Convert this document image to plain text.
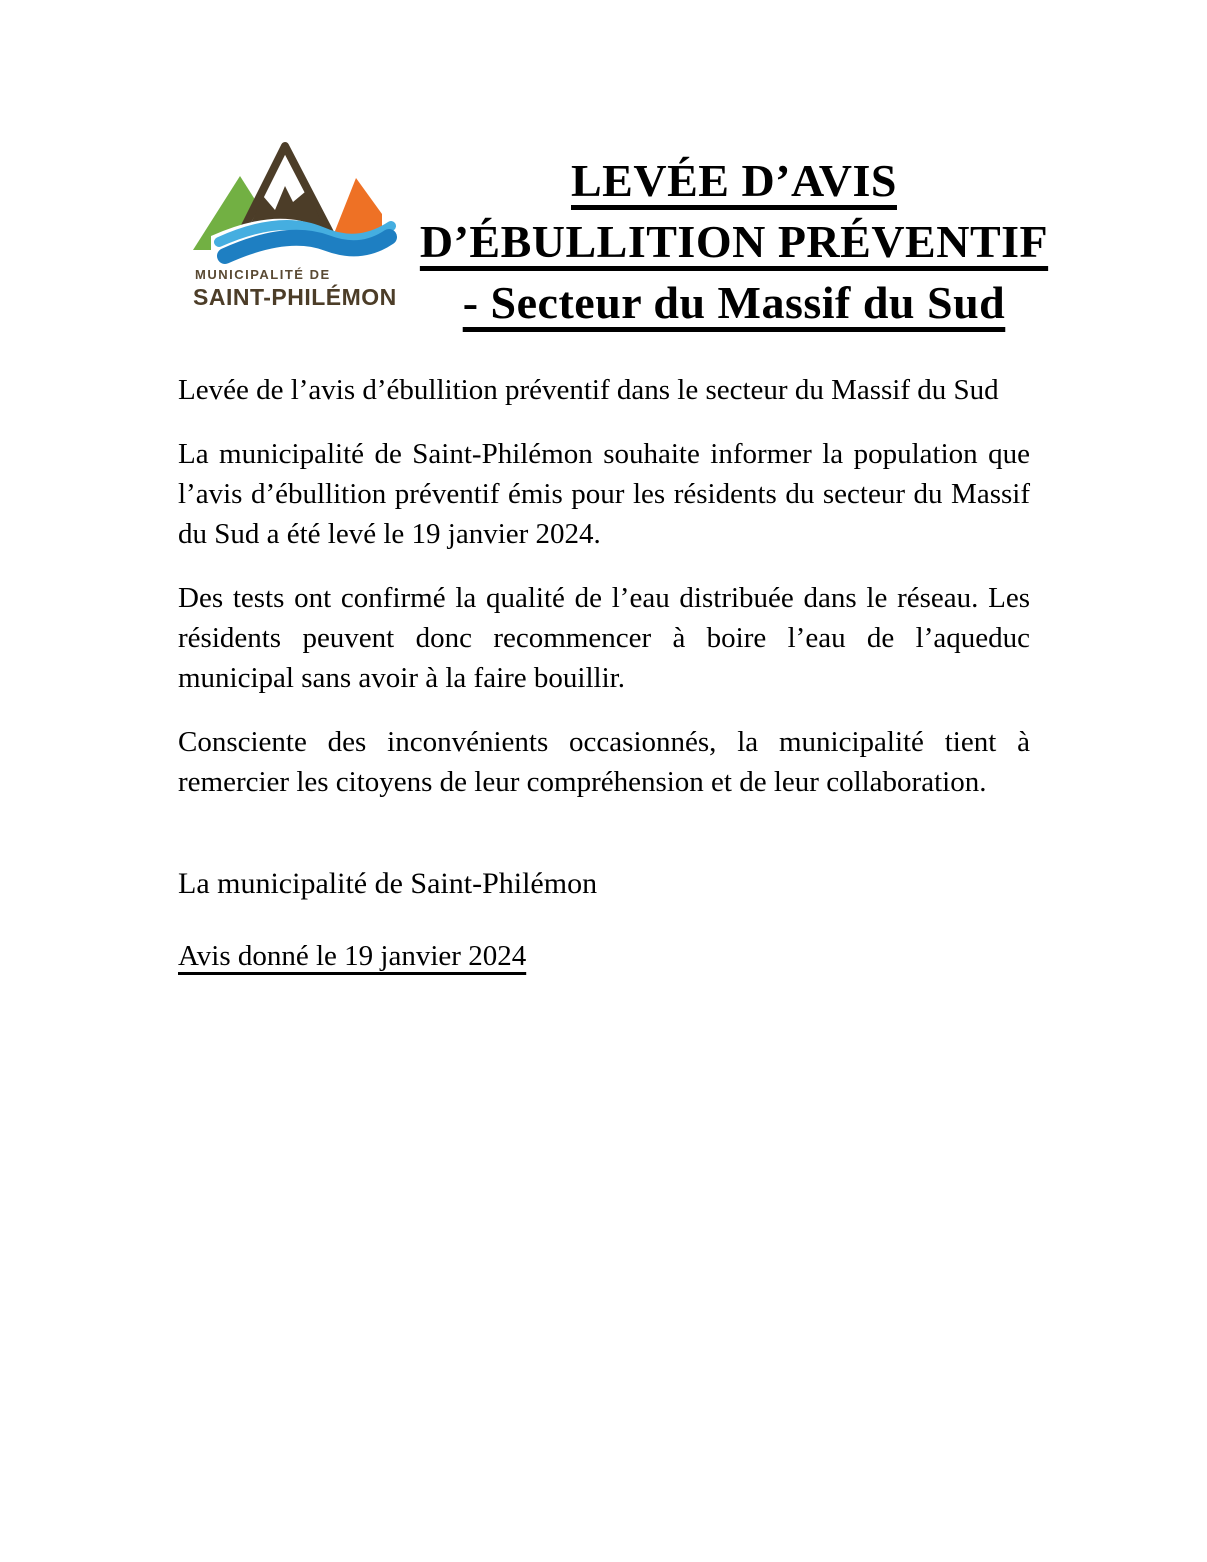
MUNICIPALITÉ DE
SAINT-PHILÉMON
LEVÉE D’AVIS
D’ÉBULLITION PRÉVENTIF
- Secteur du Massif du Sud

Levée de l’avis d’ébullition préventif dans le secteur du Massif du Sud

La municipalité de Saint-Philémon souhaite informer la population que l’avis d’ébullition préventif émis pour les résidents du secteur du Massif du Sud a été levé le 19 janvier 2024.

Des tests ont confirmé la qualité de l’eau distribuée dans le réseau. Les résidents peuvent donc recommencer à boire l’eau de l’aqueduc municipal sans avoir à la faire bouillir.

Consciente des inconvénients occasionnés, la municipalité tient à remercier les citoyens de leur compréhension et de leur collaboration.

La municipalité de Saint-Philémon

Avis donné le 19 janvier 2024
